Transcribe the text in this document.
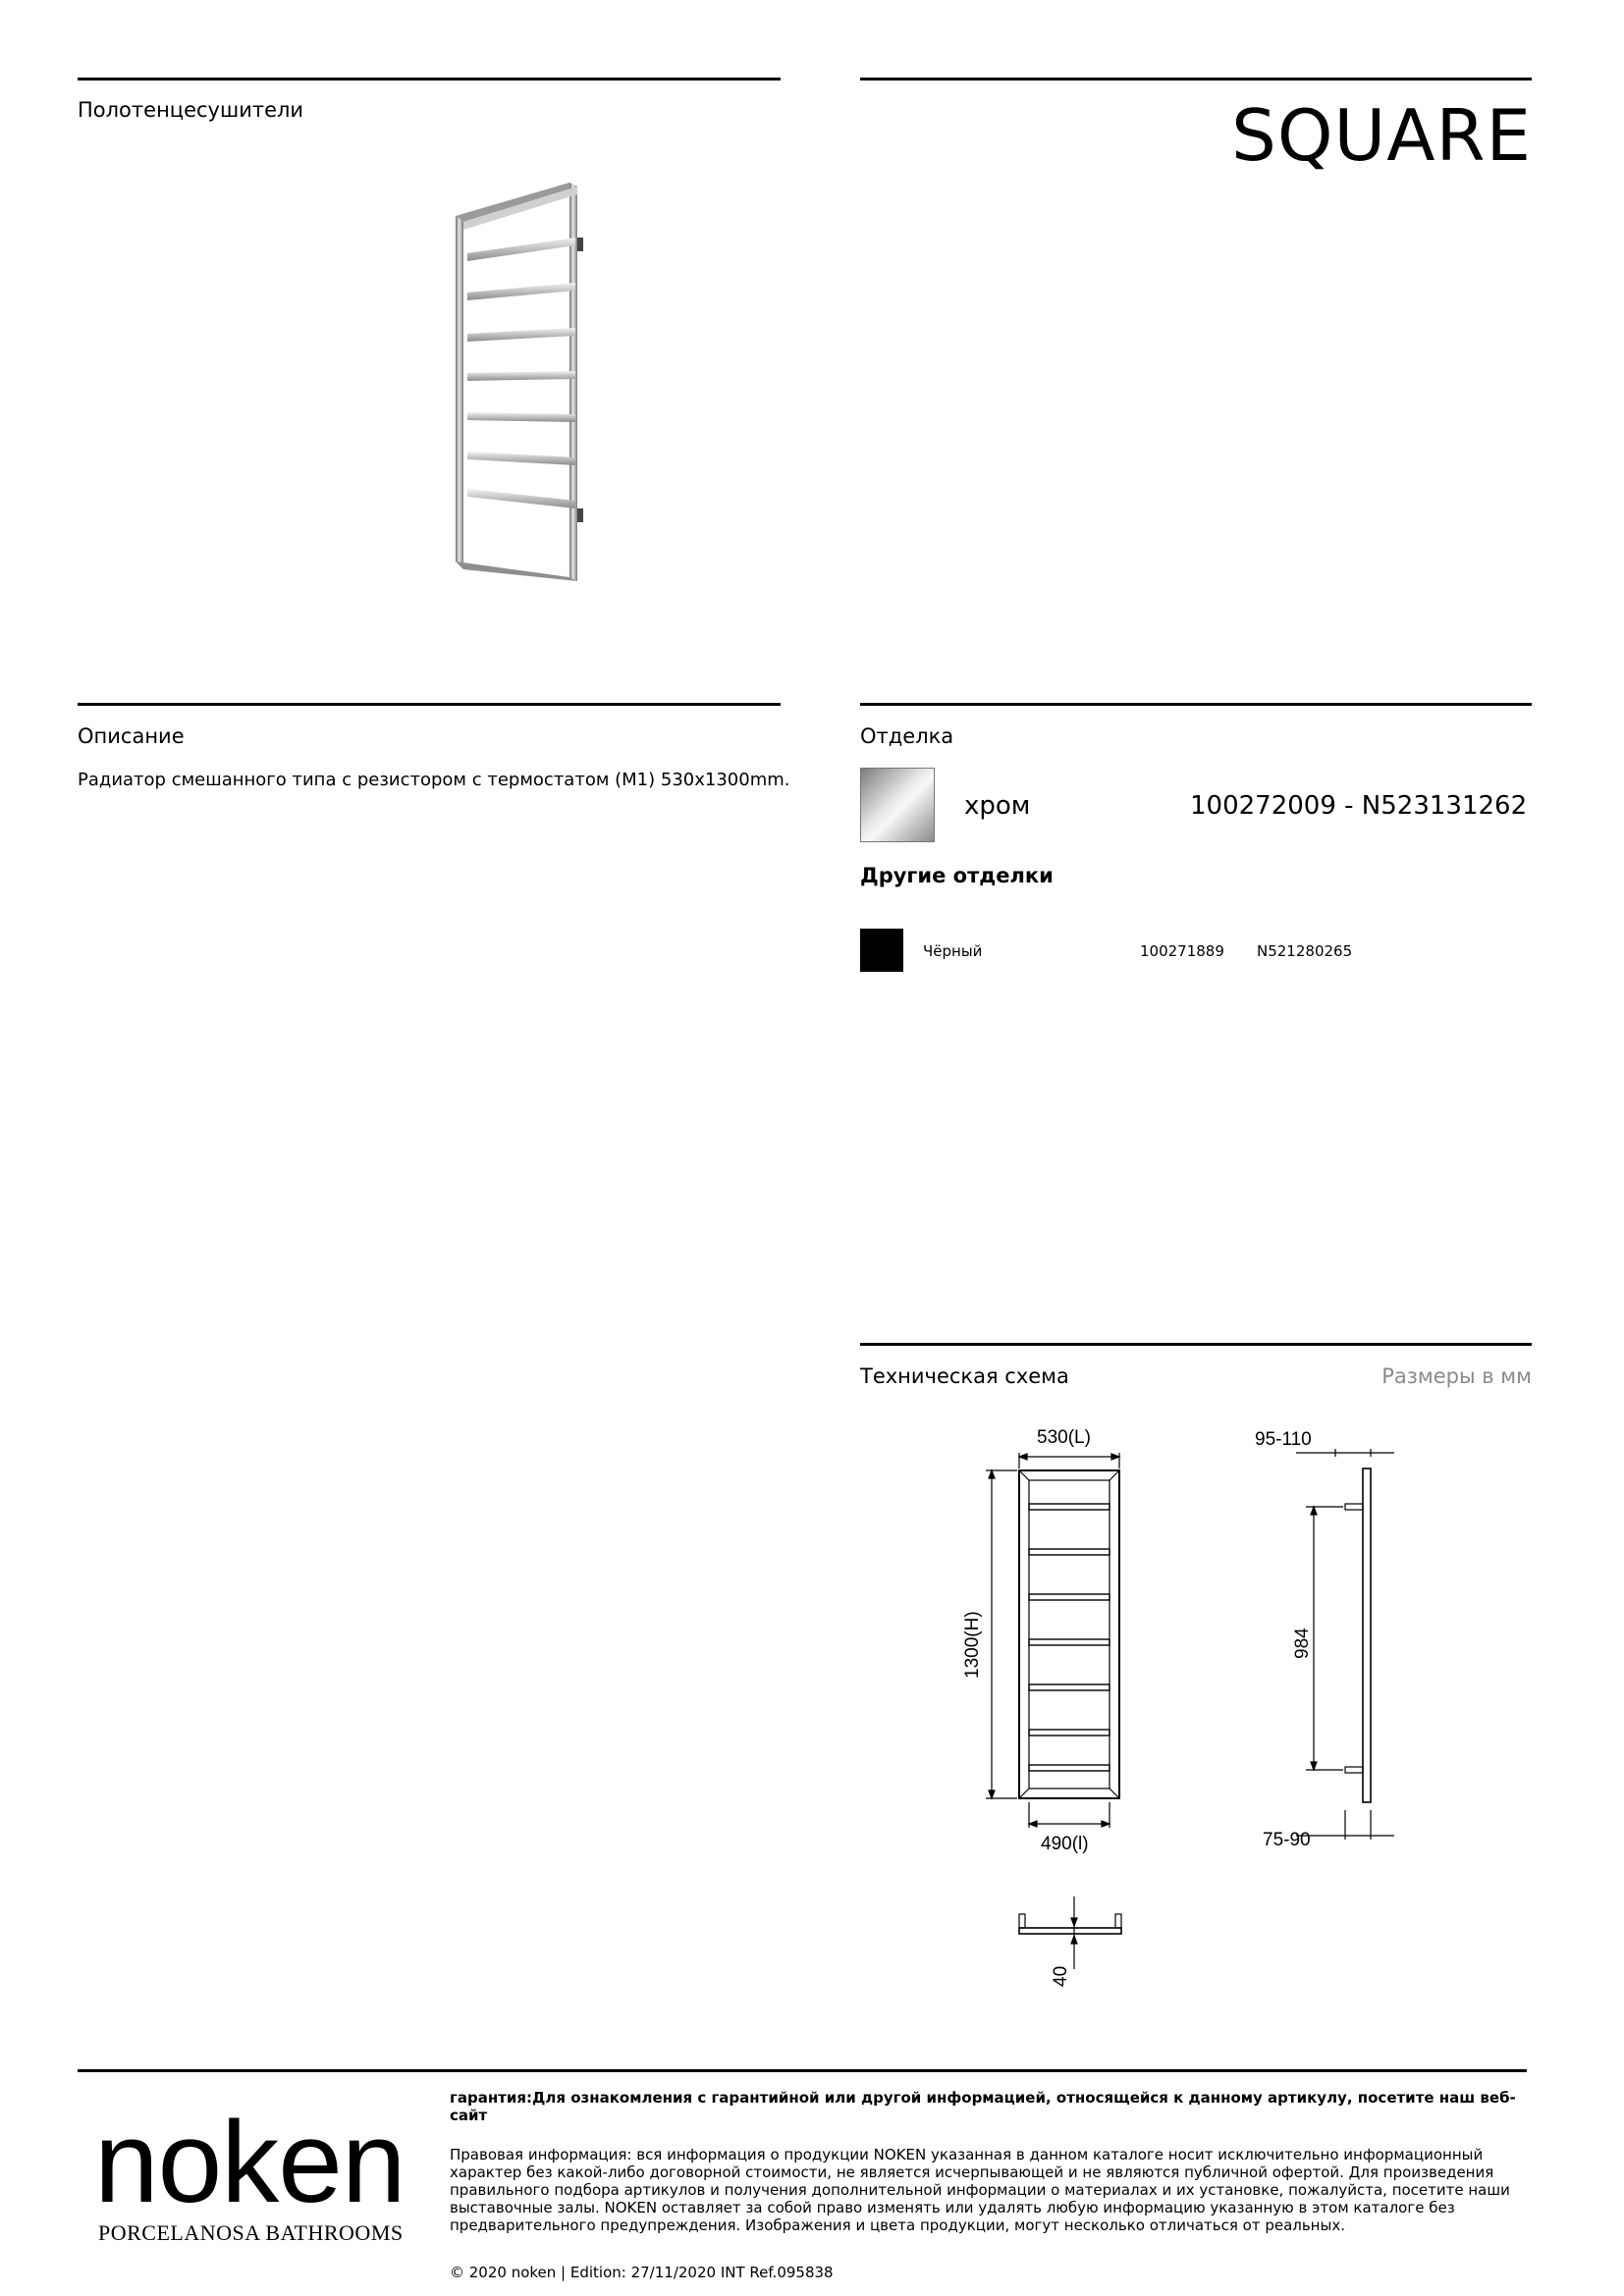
Полотенцесушители	SQUARE
Описание
Радиатор смешанного типа с резистором с термостатом (М1) 530x1300mm.
Отделка
хром	100272009 - N523131262
Другие отделки
Чёрный	100271889 N521280265
Техническая схема	Размеры в мм
530(L)
490(l)
1300(H)
95-110
75-90
984
40
noken
PORCELANOSA BATHROOMS
гарантия:Для ознакомления с гарантийной или другой информацией, относящейся к данному артикулу, посетите наш веб-сайт
Правовая информация: вся информация о продукции NOKEN указанная в данном каталоге носит исключительно информационный характер без какой-либо договорной стоимости, не является исчерпывающей и не являются публичной офертой. Для произведения правильного подбора артикулов и получения дополнительной информации о материалах и их установке, пожалуйста, посетите наши выставочные залы. NOKEN оставляет за собой право изменять или удалять любую информацию указанную в этом каталоге без предварительного предупреждения. Изображения и цвета продукции, могут несколько отличаться от реальных.
© 2020 noken | Edition: 27/11/2020 INT Ref.095838
